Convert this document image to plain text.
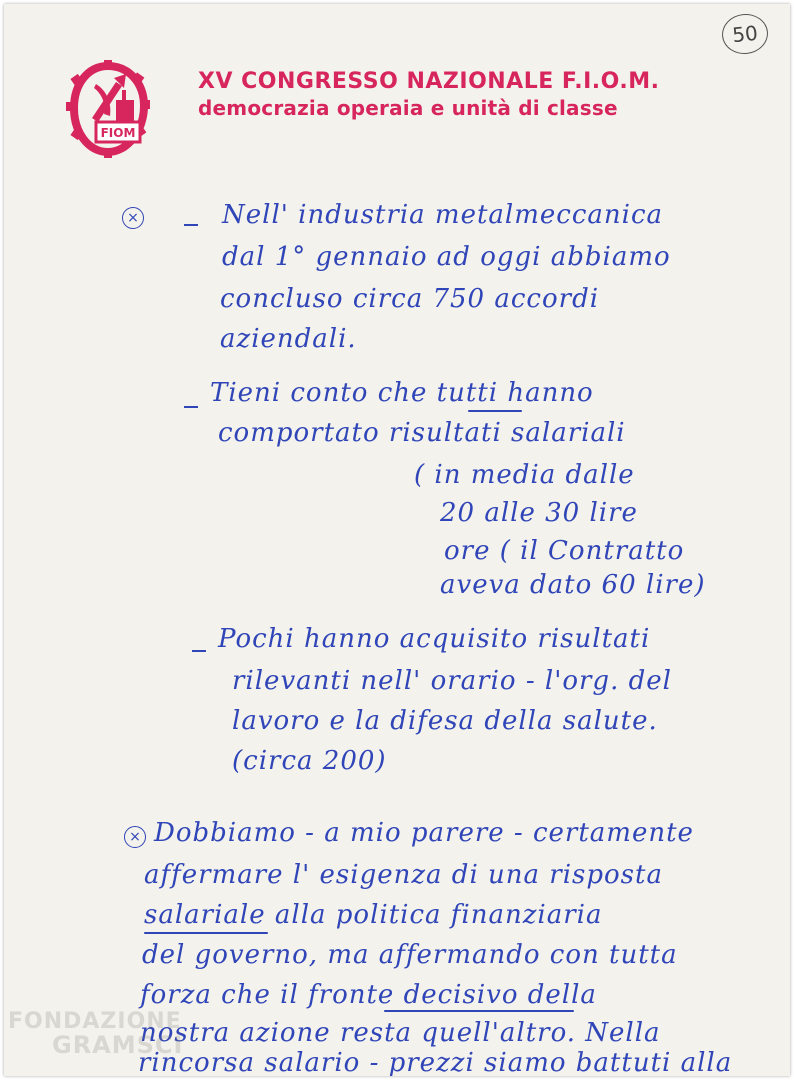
50
FIOM
XV CONGRESSO NAZIONALE F.I.O.M.
democrazia operaia e unità di classe
×	Nell' industria metalmeccanica
dal 1° gennaio ad oggi abbiamo
concluso circa 750 accordi
aziendali.
Tieni conto che tutti hanno
comportato risultati salariali
( in media dalle
20 alle 30 lire
ore ( il Contratto
aveva dato 60 lire)
Pochi hanno acquisito risultati
rilevanti nell' orario - l'org. del
lavoro e la difesa della salute.
(circa 200)
× Dobbiamo - a mio parere - certamente
affermare l' esigenza di una risposta
salariale alla politica finanziaria
del governo, ma affermando con tutta
forza che il fronte decisivo della
nostra azione resta quell'altro. Nella
rincorsa salario - prezzi siamo battuti alla
FONDAZIONE
GRAMSCI
